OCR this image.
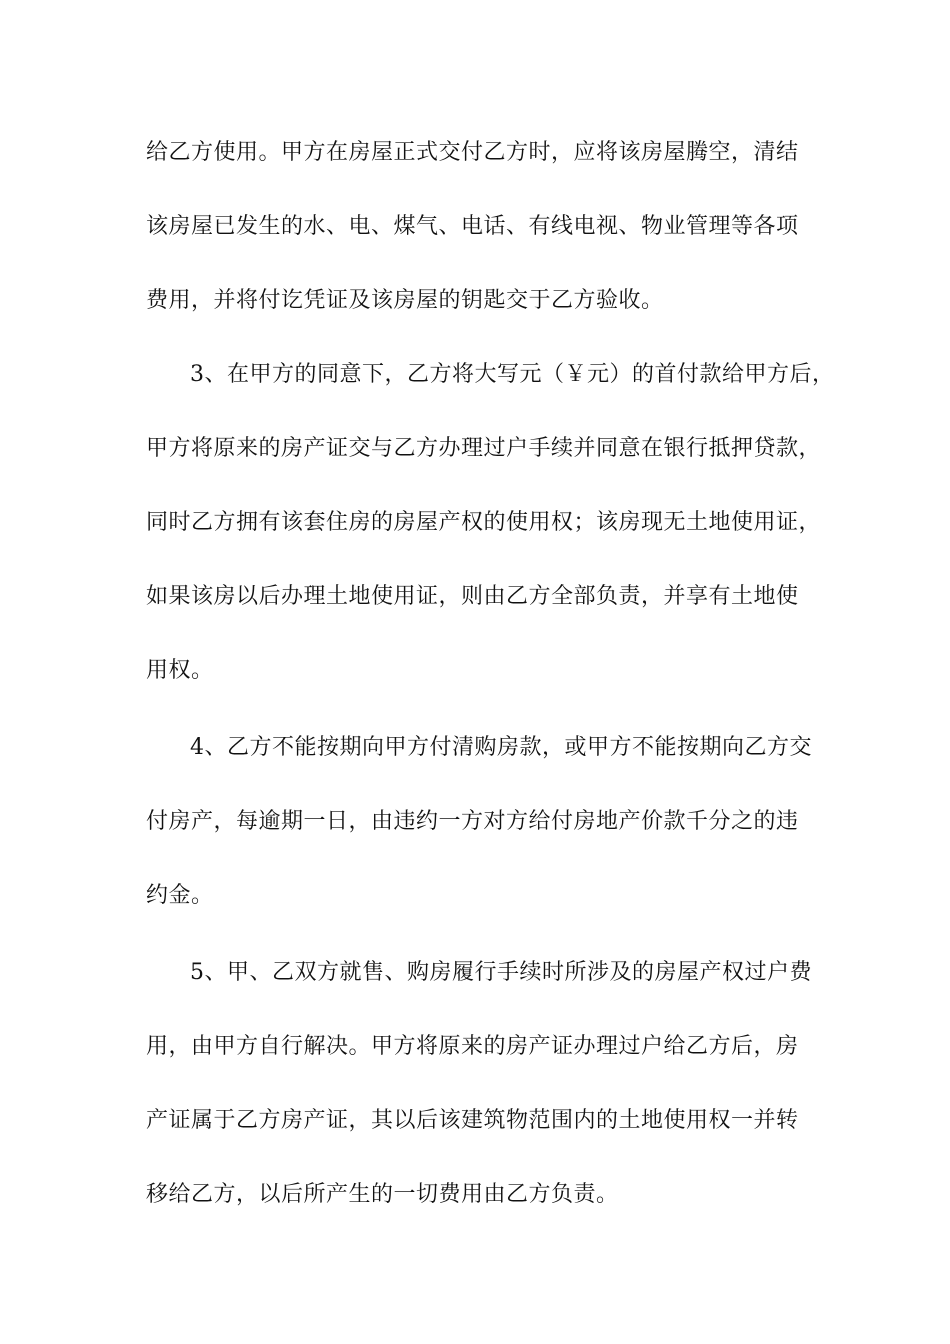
给乙方使用。甲方在房屋正式交付乙方时，应将该房屋腾空，清结
该房屋已发生的水、电、煤气、电话、有线电视、物业管理等各项
费用，并将付讫凭证及该房屋的钥匙交于乙方验收。
3、在甲方的同意下，乙方将大写元（￥元）的首付款给甲方后，
甲方将原来的房产证交与乙方办理过户手续并同意在银行抵押贷款，
同时乙方拥有该套住房的房屋产权的使用权；该房现无土地使用证，
如果该房以后办理土地使用证，则由乙方全部负责，并享有土地使
用权。
4、乙方不能按期向甲方付清购房款，或甲方不能按期向乙方交
付房产，每逾期一日，由违约一方对方给付房地产价款千分之的违
约金。
5、甲、乙双方就售、购房履行手续时所涉及的房屋产权过户费
用，由甲方自行解决。甲方将原来的房产证办理过户给乙方后，房
产证属于乙方房产证，其以后该建筑物范围内的土地使用权一并转
移给乙方，以后所产生的一切费用由乙方负责。
